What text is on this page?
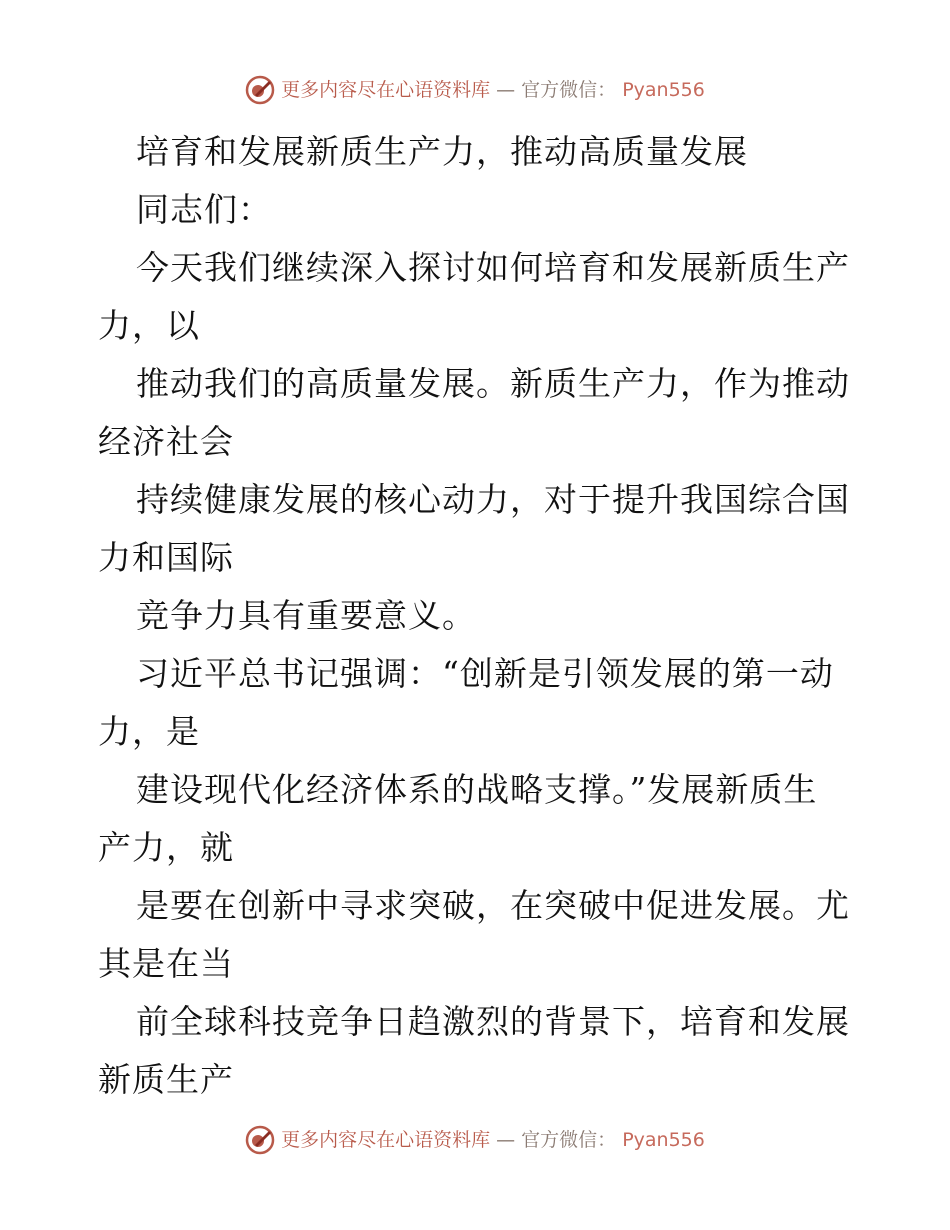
更多内容尽在心语资料库 — 官方微信： Pyan556
培育和发展新质生产力，推动高质量发展
同志们：
今天我们继续深入探讨如何培育和发展新质生产
力，以
推动我们的高质量发展。新质生产力，作为推动
经济社会
持续健康发展的核心动力，对于提升我国综合国
力和国际
竞争力具有重要意义。
习近平总书记强调：“创新是引领发展的第一动
力，是
建设现代化经济体系的战略支撑。”发展新质生
产力，就
是要在创新中寻求突破，在突破中促进发展。尤
其是在当
前全球科技竞争日趋激烈的背景下，培育和发展
新质生产
更多内容尽在心语资料库 — 官方微信： Pyan556
